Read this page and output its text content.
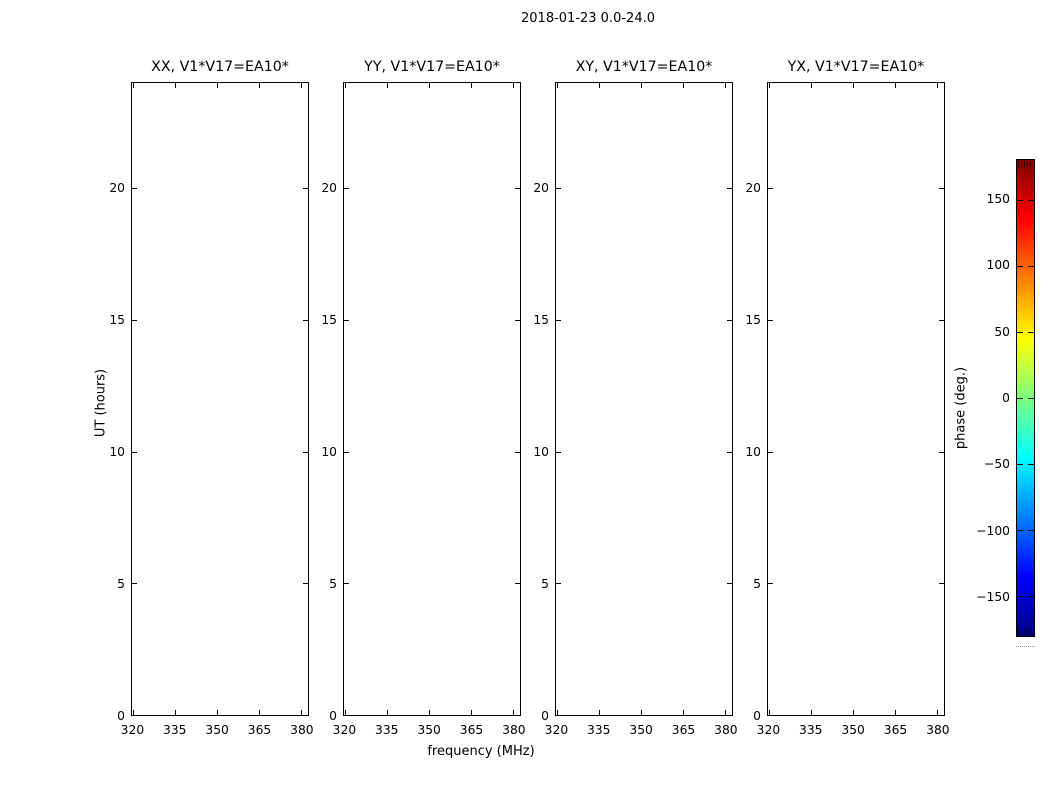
2018-01-23 0.0-24.0
XX, V1*V17=EA10*
320	335	350	365	380
0
5
10
15
20
YY, V1*V17=EA10*
320	335	350	365	380
0
5
10
15
20
XY, V1*V17=EA10*
320	335	350	365	380
0
5
10
15
20
YX, V1*V17=EA10*
320	335	350	365	380
0
5
10
15
20
UT (hours)
frequency (MHz)
phase (deg.)
150
100
50
0
−50
−100
−150
